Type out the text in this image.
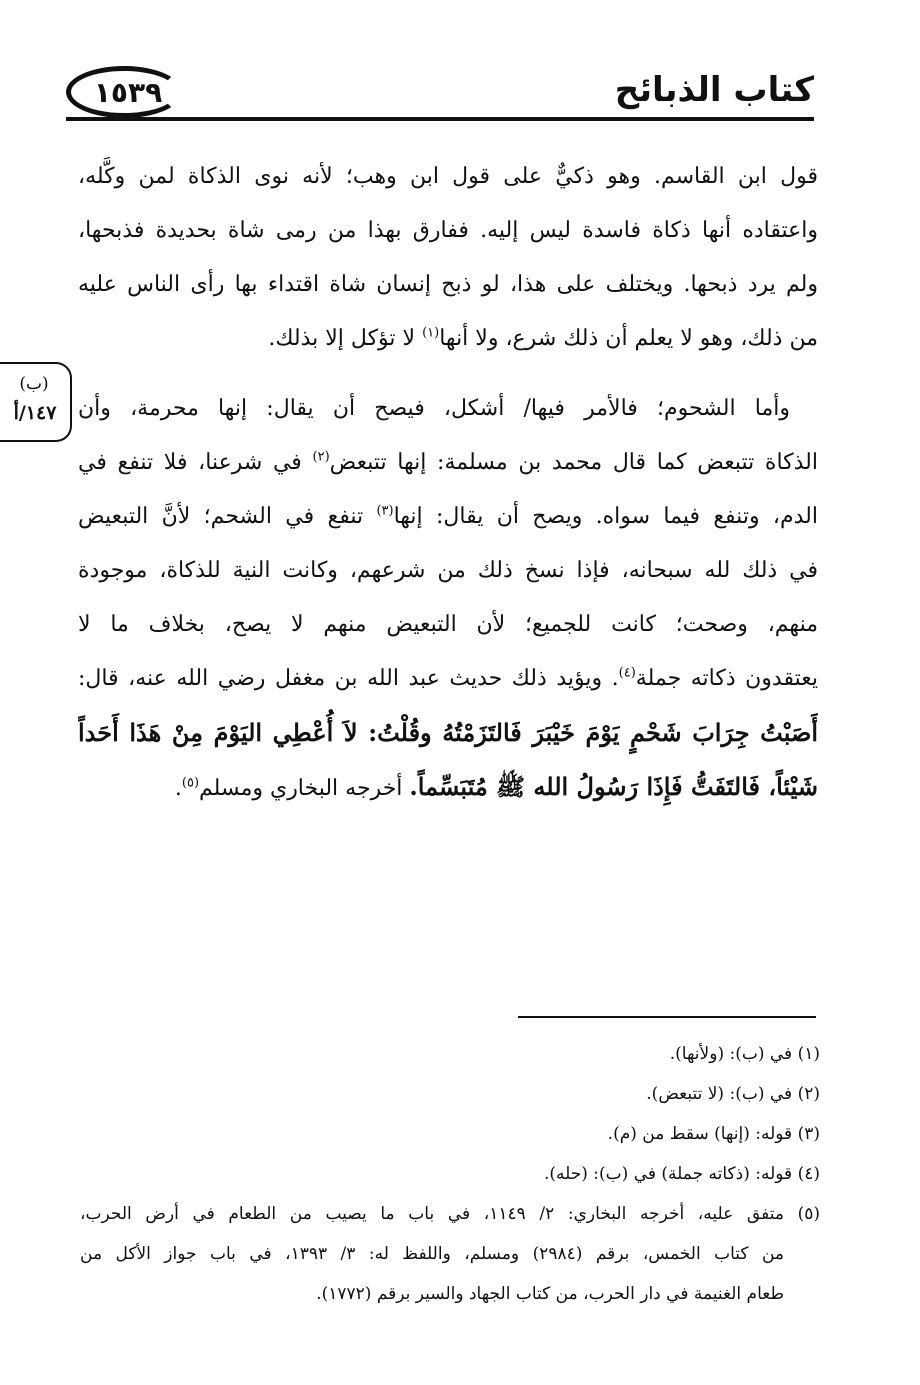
١٥٣٩	كتاب الذبائح
(ب)
١٤٧/أ
قول ابن القاسم. وهو ذكيٌّ على قول ابن وهب؛ لأنه نوى الذكاة لمن وكَّله،
واعتقاده أنها ذكاة فاسدة ليس إليه. ففارق بهذا من رمى شاة بحديدة فذبحها،
ولم يرد ذبحها. ويختلف على هذا، لو ذبح إنسان شاة اقتداء بها رأى الناس عليه
من ذلك، وهو لا يعلم أن ذلك شرع، ولا أنها$^{(١)}$ لا تؤكل إلا بذلك.
وأما الشحوم؛ فالأمر فيها/ أشكل، فيصح أن يقال: إنها محرمة، وأن
الذكاة تتبعض كما قال محمد بن مسلمة: إنها تتبعض$^{(٢)}$ في شرعنا، فلا تنفع في
الدم، وتنفع فيما سواه. ويصح أن يقال: إنها$^{(٣)}$ تنفع في الشحم؛ لأنَّ التبعيض
في ذلك لله سبحانه، فإذا نسخ ذلك من شرعهم، وكانت النية للذكاة، موجودة
منهم، وصحت؛ كانت للجميع؛ لأن التبعيض منهم لا يصح، بخلاف ما لا
يعتقدون ذكاته جملة$^{(٤)}$. ويؤيد ذلك حديث عبد الله بن مغفل رضي الله عنه، قال:
أَصَبْتُ جِرَابَ شَحْمٍ يَوْمَ خَيْبَرَ فَالتَزَمْتُهُ وقُلْتُ: لاَ أُعْطِي اليَوْمَ مِنْ هَذَا أَحَداً
شَيْئاً، فَالتَفَتُّ فَإِذَا رَسُولُ الله ﷺ مُتَبَسِّماً. أخرجه البخاري ومسلم$^{(٥)}$.
(١) في (ب): (ولأنها).
(٢) في (ب): (لا تتبعض).
(٣) قوله: (إنها) سقط من (م).
(٤) قوله: (ذكاته جملة) في (ب): (حله).
(٥) متفق عليه، أخرجه البخاري: ٢/ ١١٤٩، في باب ما يصيب من الطعام في أرض الحرب،
من كتاب الخمس، برقم (٢٩٨٤) ومسلم، واللفظ له: ٣/ ١٣٩٣، في باب جواز الأكل من
طعام الغنيمة في دار الحرب، من كتاب الجهاد والسير برقم (١٧٧٢).
